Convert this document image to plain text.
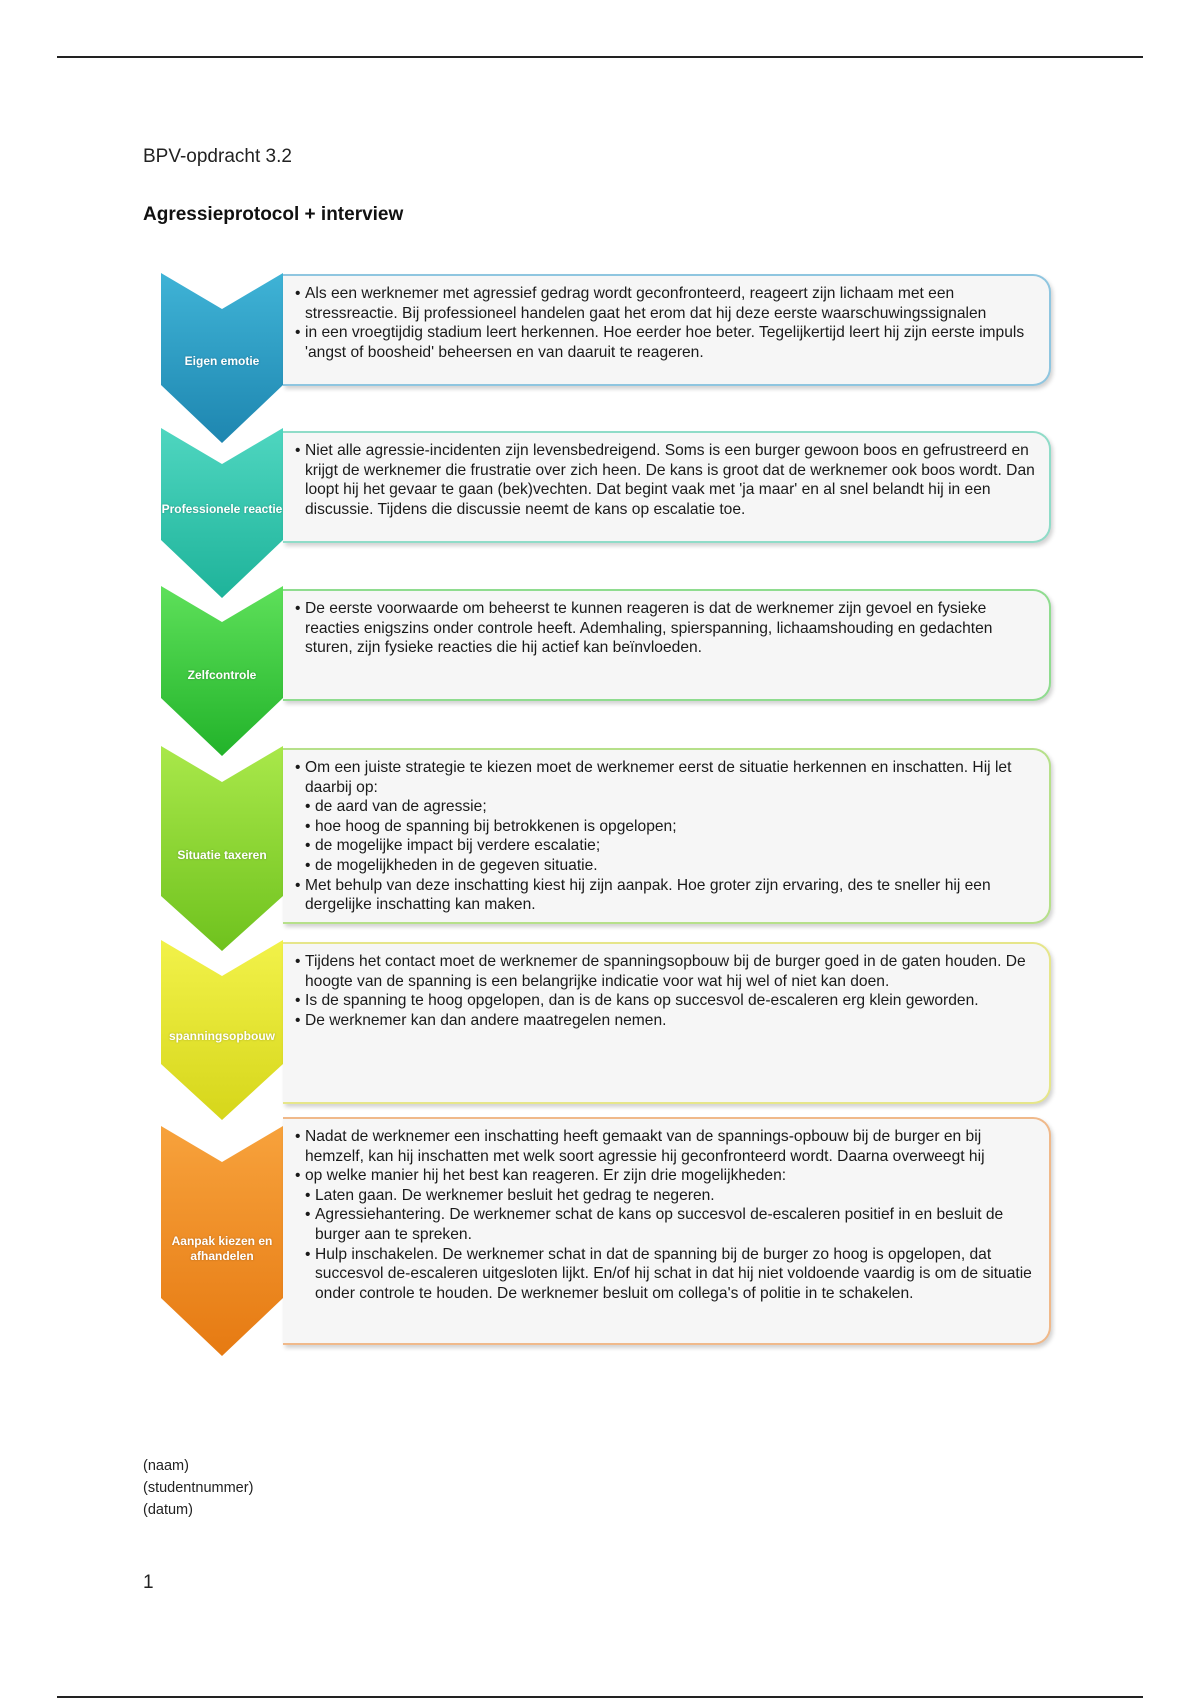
BPV-opdracht 3.2
Agressieprotocol + interview
Eigen emotie
• Als een werknemer met agressief gedrag wordt geconfronteerd, reageert zijn lichaam met een stressreactie. Bij professioneel handelen gaat het erom dat hij deze eerste waarschuwingssignalen
• in een vroegtijdig stadium leert herkennen. Hoe eerder hoe beter. Tegelijkertijd leert hij zijn eerste impuls 'angst of boosheid' beheersen en van daaruit te reageren.
Professionele reactie
• Niet alle agressie-incidenten zijn levensbedreigend. Soms is een burger gewoon boos en gefrustreerd en krijgt de werknemer die frustratie over zich heen. De kans is groot dat de werknemer ook boos wordt. Dan loopt hij het gevaar te gaan (bek)vechten. Dat begint vaak met 'ja maar' en al snel belandt hij in een discussie. Tijdens die discussie neemt de kans op escalatie toe.
Zelfcontrole
• De eerste voorwaarde om beheerst te kunnen reageren is dat de werknemer zijn gevoel en fysieke reacties enigszins onder controle heeft. Ademhaling, spierspanning, lichaamshouding en gedachten sturen, zijn fysieke reacties die hij actief kan beïnvloeden.
Situatie taxeren
• Om een juiste strategie te kiezen moet de werknemer eerst de situatie herkennen en inschatten. Hij let daarbij op:
• de aard van de agressie;
• hoe hoog de spanning bij betrokkenen is opgelopen;
• de mogelijke impact bij verdere escalatie;
• de mogelijkheden in de gegeven situatie.
• Met behulp van deze inschatting kiest hij zijn aanpak. Hoe groter zijn ervaring, des te sneller hij een dergelijke inschatting kan maken.
spanningsopbouw
• Tijdens het contact moet de werknemer de spanningsopbouw bij de burger goed in de gaten houden. De hoogte van de spanning is een belangrijke indicatie voor wat hij wel of niet kan doen.
• Is de spanning te hoog opgelopen, dan is de kans op succesvol de-escaleren erg klein geworden.
• De werknemer kan dan andere maatregelen nemen.
Aanpak kiezen en afhandelen
• Nadat de werknemer een inschatting heeft gemaakt van de spannings-opbouw bij de burger en bij hemzelf, kan hij inschatten met welk soort agressie hij geconfronteerd wordt. Daarna overweegt hij
• op welke manier hij het best kan reageren. Er zijn drie mogelijkheden:
• Laten gaan. De werknemer besluit het gedrag te negeren.
• Agressiehantering. De werknemer schat de kans op succesvol de-escaleren positief in en besluit de burger aan te spreken.
• Hulp inschakelen. De werknemer schat in dat de spanning bij de burger zo hoog is opgelopen, dat succesvol de-escaleren uitgesloten lijkt. En/of hij schat in dat hij niet voldoende vaardig is om de situatie onder controle te houden. De werknemer besluit om collega's of politie in te schakelen.
(naam)
(studentnummer)
(datum)
1
